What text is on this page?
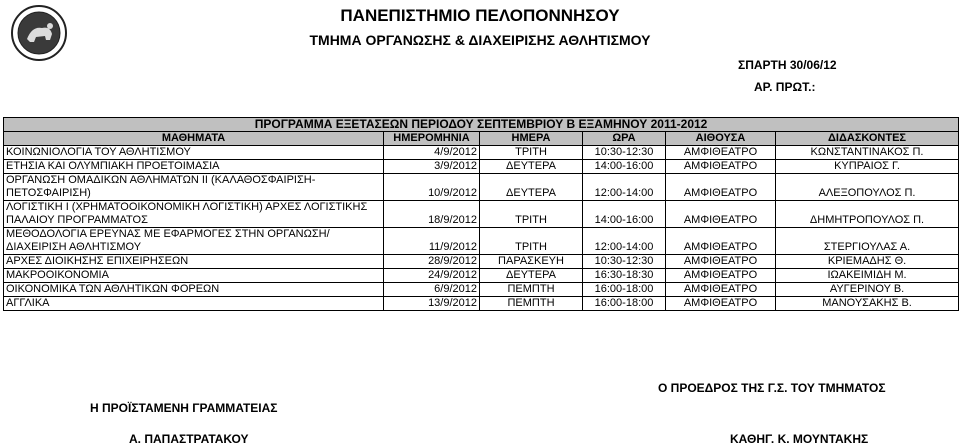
ΠΑΝΕΠΙΣΤΗΜΙΟ ΠΕΛΟΠΟΝΝΗΣΟΥ
ΤΜΗΜΑ ΟΡΓΑΝΩΣΗΣ & ΔΙΑΧΕΙΡΙΣΗΣ ΑΘΛΗΤΙΣΜΟΥ
ΣΠΑΡΤΗ 30/06/12
ΑΡ. ΠΡΩΤ.:
ΠΡΟΓΡΑΜΜΑ ΕΞΕΤΑΣΕΩΝ ΠΕΡΙΟΔΟΥ ΣΕΠΤΕΜΒΡΙΟΥ Β ΕΞΑΜΗΝΟΥ 2011-2012					
ΜΑΘΗΜΑΤΑ	ΗΜΕΡΟΜΗΝΙΑ	ΗΜΕΡΑ	ΩΡΑ	ΑΙΘΟΥΣΑ	ΔΙΔΑΣΚΟΝΤΕΣ
ΚΟΙΝΩΝΙΟΛΟΓΙΑ ΤΟΥ ΑΘΛΗΤΙΣΜΟΥ	4/9/2012	ΤΡΙΤΗ	10:30-12:30	ΑΜΦΙΘΕΑΤΡΟ	ΚΩΝΣΤΑΝΤΙΝΑΚΟΣ Π.
ΕΤΗΣΙΑ ΚΑΙ ΟΛΥΜΠΙΑΚΗ ΠΡΟΕΤΟΙΜΑΣΙΑ	3/9/2012	ΔΕΥΤΕΡΑ	14:00-16:00	ΑΜΦΙΘΕΑΤΡΟ	ΚΥΠΡΑΙΟΣ Γ.
ΟΡΓΑΝΩΣΗ ΟΜΑΔΙΚΩΝ ΑΘΛΗΜΑΤΩΝ ΙΙ (ΚΑΛΑΘΟΣΦΑΙΡΙΣΗ-ΠΕΤΟΣΦΑΙΡΙΣΗ)	10/9/2012	ΔΕΥΤΕΡΑ	12:00-14:00	ΑΜΦΙΘΕΑΤΡΟ	ΑΛΕΞΟΠΟΥΛΟΣ Π.
ΛΟΓΙΣΤΙΚΗ Ι (ΧΡΗΜΑΤΟΟΙΚΟΝΟΜΙΚΗ ΛΟΓΙΣΤΙΚΗ) ΑΡΧΕΣ ΛΟΓΙΣΤΙΚΗΣ ΠΑΛΑΙΟΥ ΠΡΟΓΡΑΜΜΑΤΟΣ	18/9/2012	ΤΡΙΤΗ	14:00-16:00	ΑΜΦΙΘΕΑΤΡΟ	ΔΗΜΗΤΡΟΠΟΥΛΟΣ Π.
ΜΕΘΟΔΟΛΟΓΙΑ ΕΡΕΥΝΑΣ ΜΕ ΕΦΑΡΜΟΓΕΣ ΣΤΗΝ ΟΡΓΑΝΩΣΗ/ΔΙΑΧΕΙΡΙΣΗ ΑΘΛΗΤΙΣΜΟΥ	11/9/2012	ΤΡΙΤΗ	12:00-14:00	ΑΜΦΙΘΕΑΤΡΟ	ΣΤΕΡΓΙΟΥΛΑΣ Α.
ΑΡΧΕΣ ΔΙΟΙΚΗΣΗΣ ΕΠΙΧΕΙΡΗΣΕΩΝ	28/9/2012	ΠΑΡΑΣΚΕΥΗ	10:30-12:30	ΑΜΦΙΘΕΑΤΡΟ	ΚΡΙΕΜΑΔΗΣ Θ.
ΜΑΚΡΟΟΙΚΟΝΟΜΙΑ	24/9/2012	ΔΕΥΤΕΡΑ	16:30-18:30	ΑΜΦΙΘΕΑΤΡΟ	ΙΩΑΚΕΙΜΙΔΗ Μ.
ΟΙΚΟΝΟΜΙΚΑ ΤΩΝ ΑΘΛΗΤΙΚΩΝ ΦΟΡΕΩΝ	6/9/2012	ΠΕΜΠΤΗ	16:00-18:00	ΑΜΦΙΘΕΑΤΡΟ	ΑΥΓΕΡΙΝΟΥ Β.
ΑΓΓΛΙΚΑ	13/9/2012	ΠΕΜΠΤΗ	16:00-18:00	ΑΜΦΙΘΕΑΤΡΟ	ΜΑΝΟΥΣΑΚΗΣ Β.
Ο ΠΡΟΕΔΡΟΣ ΤΗΣ Γ.Σ. ΤΟΥ ΤΜΗΜΑΤΟΣ
Η ΠΡΟΪΣΤΑΜΕΝΗ ΓΡΑΜΜΑΤΕΙΑΣ
Α. ΠΑΠΑΣΤΡΑΤΑΚΟΥ	ΚΑΘΗΓ. Κ. ΜΟΥΝΤΑΚΗΣ
